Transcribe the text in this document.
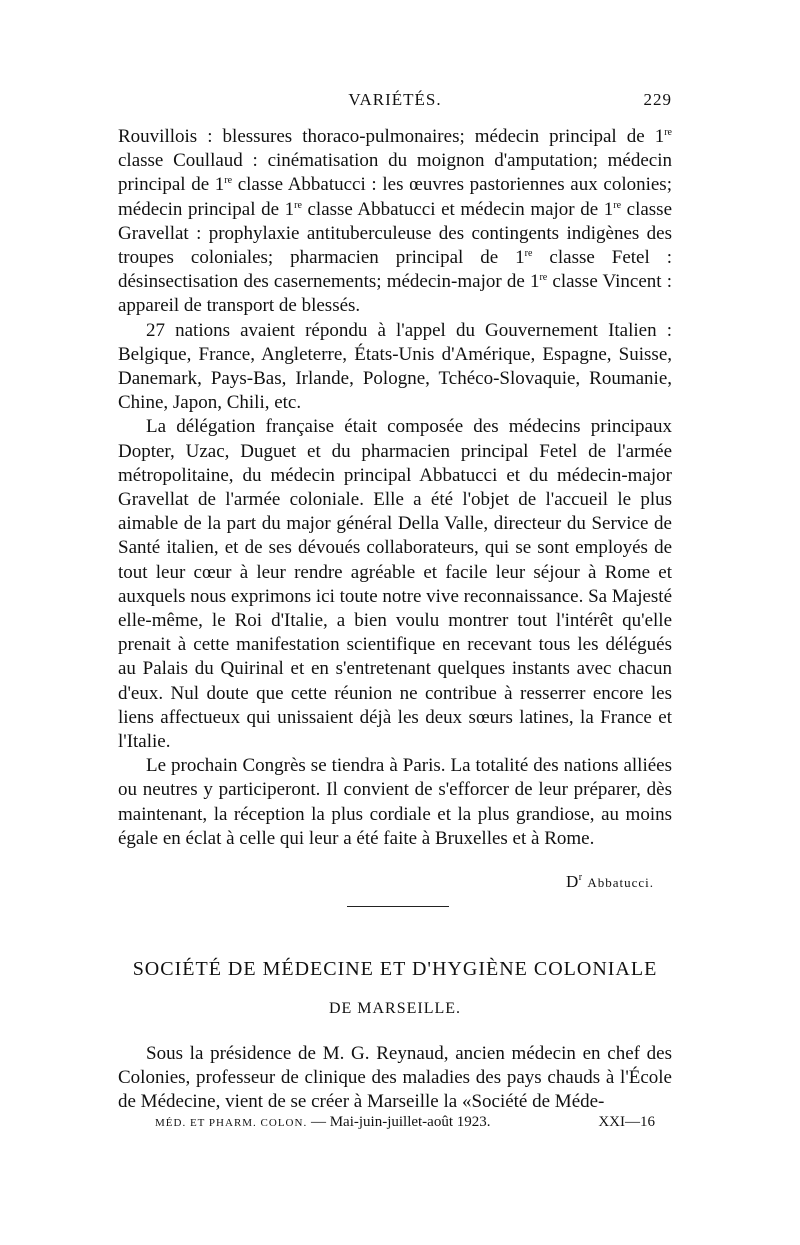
VARIÉTÉS.	229

Rouvillois : blessures thoraco-pulmonaires; médecin principal de 1re classe Coullaud : cinématisation du moignon d'amputation; médecin principal de 1re classe Abbatucci : les œuvres pastoriennes aux colonies; médecin principal de 1re classe Abbatucci et médecin major de 1re classe Gravellat : prophylaxie antituberculeuse des contingents indigènes des troupes coloniales; pharmacien principal de 1re classe Fetel : désinsectisation des casernements; médecin-major de 1re classe Vincent : appareil de transport de blessés.

27 nations avaient répondu à l'appel du Gouvernement Italien : Belgique, France, Angleterre, États-Unis d'Amérique, Espagne, Suisse, Danemark, Pays-Bas, Irlande, Pologne, Tchéco-Slovaquie, Roumanie, Chine, Japon, Chili, etc.

La délégation française était composée des médecins principaux Dopter, Uzac, Duguet et du pharmacien principal Fetel de l'armée métropolitaine, du médecin principal Abbatucci et du médecin-major Gravellat de l'armée coloniale. Elle a été l'objet de l'accueil le plus aimable de la part du major général Della Valle, directeur du Service de Santé italien, et de ses dévoués collaborateurs, qui se sont employés de tout leur cœur à leur rendre agréable et facile leur séjour à Rome et auxquels nous exprimons ici toute notre vive reconnaissance. Sa Majesté elle-même, le Roi d'Italie, a bien voulu montrer tout l'intérêt qu'elle prenait à cette manifestation scientifique en recevant tous les délégués au Palais du Quirinal et en s'entretenant quelques instants avec chacun d'eux. Nul doute que cette réunion ne contribue à resserrer encore les liens affectueux qui unissaient déjà les deux sœurs latines, la France et l'Italie.

Le prochain Congrès se tiendra à Paris. La totalité des nations alliées ou neutres y participeront. Il convient de s'efforcer de leur préparer, dès maintenant, la réception la plus cordiale et la plus grandiose, au moins égale en éclat à celle qui leur a été faite à Bruxelles et à Rome.

$D^r$ Abbatucci.
SOCIÉTÉ DE MÉDECINE ET D'HYGIÈNE COLONIALE
DE MARSEILLE.

Sous la présidence de M. G. Reynaud, ancien médecin en chef des Colonies, professeur de clinique des maladies des pays chauds à l'École de Médecine, vient de se créer à Marseille la «Société de Méde-

MÉD. ET PHARM. COLON. — Mai-juin-juillet-août 1923.	XXI—16
